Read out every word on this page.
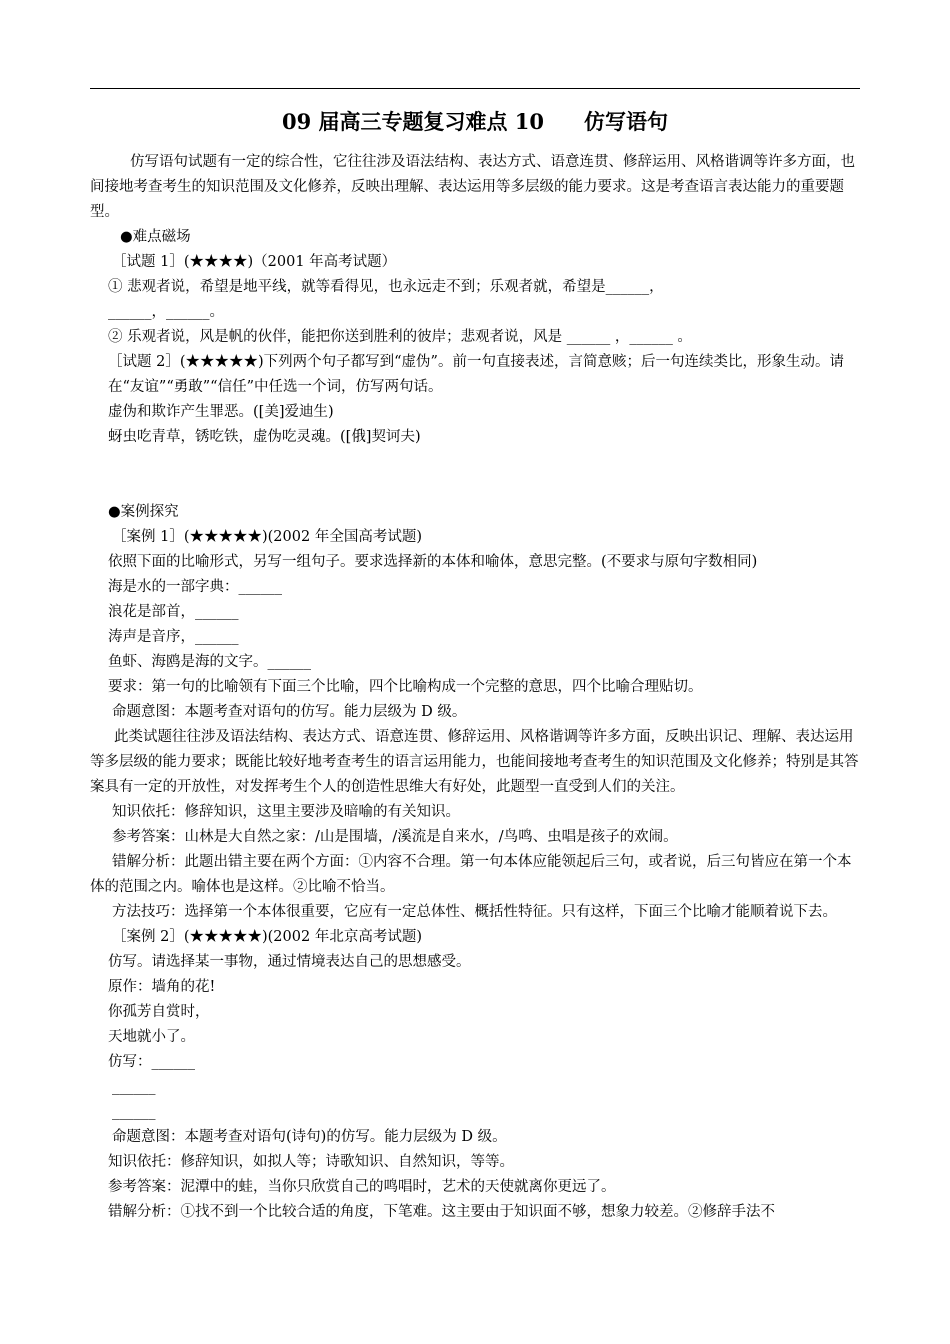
09 届高三专题复习难点 10 仿写语句

仿写语句试题有一定的综合性，它往往涉及语法结构、表达方式、语意连贯、修辞运用、风格谐调等许多方面，也间接地考查考生的知识范围及文化修养，反映出理解、表达运用等多层级的能力要求。这是考查语言表达能力的重要题型。

●难点磁场

［试题 1］(★★★★)（2001 年高考试题）

① 悲观者说，希望是地平线，就等看得见，也永远走不到；乐观者就，希望是______，

______，______。

② 乐观者说，风是帆的伙伴，能把你送到胜利的彼岸；悲观者说，风是 ______ ，______ 。

［试题 2］(★★★★★)下列两个句子都写到“虚伪”。前一句直接表述，言简意赅；后一句连续类比，形象生动。请在“友谊”“勇敢”“信任”中任选一个词，仿写两句话。

虚伪和欺诈产生罪恶。([美]爱迪生)

蚜虫吃青草，锈吃铁，虚伪吃灵魂。([俄]契诃夫)

●案例探究

［案例 1］(★★★★★)(2002 年全国高考试题)

依照下面的比喻形式，另写一组句子。要求选择新的本体和喻体，意思完整。(不要求与原句字数相同)

海是水的一部字典：______

浪花是部首，______

涛声是音序，______

鱼虾、海鸥是海的文字。______

要求：第一句的比喻领有下面三个比喻，四个比喻构成一个完整的意思，四个比喻合理贴切。

命题意图：本题考查对语句的仿写。能力层级为 D 级。

此类试题往往涉及语法结构、表达方式、语意连贯、修辞运用、风格谐调等许多方面，反映出识记、理解、表达运用等多层级的能力要求；既能比较好地考查考生的语言运用能力，也能间接地考查考生的知识范围及文化修养；特别是其答案具有一定的开放性，对发挥考生个人的创造性思维大有好处，此题型一直受到人们的关注。

知识依托：修辞知识，这里主要涉及暗喻的有关知识。

参考答案：山林是大自然之家：/山是围墙，/溪流是自来水，/鸟鸣、虫唱是孩子的欢闹。

错解分析：此题出错主要在两个方面：①内容不合理。第一句本体应能领起后三句，或者说，后三句皆应在第一个本体的范围之内。喻体也是这样。②比喻不恰当。

方法技巧：选择第一个本体很重要，它应有一定总体性、概括性特征。只有这样，下面三个比喻才能顺着说下去。

［案例 2］(★★★★★)(2002 年北京高考试题)

仿写。请选择某一事物，通过情境表达自己的思想感受。

原作：墙角的花!

你孤芳自赏时，

天地就小了。

仿写：______

______

______

命题意图：本题考查对语句(诗句)的仿写。能力层级为 D 级。

知识依托：修辞知识，如拟人等；诗歌知识、自然知识，等等。

参考答案：泥潭中的蛙，当你只欣赏自己的鸣唱时，艺术的天使就离你更远了。

错解分析：①找不到一个比较合适的角度，下笔难。这主要由于知识面不够，想象力较差。②修辞手法不
